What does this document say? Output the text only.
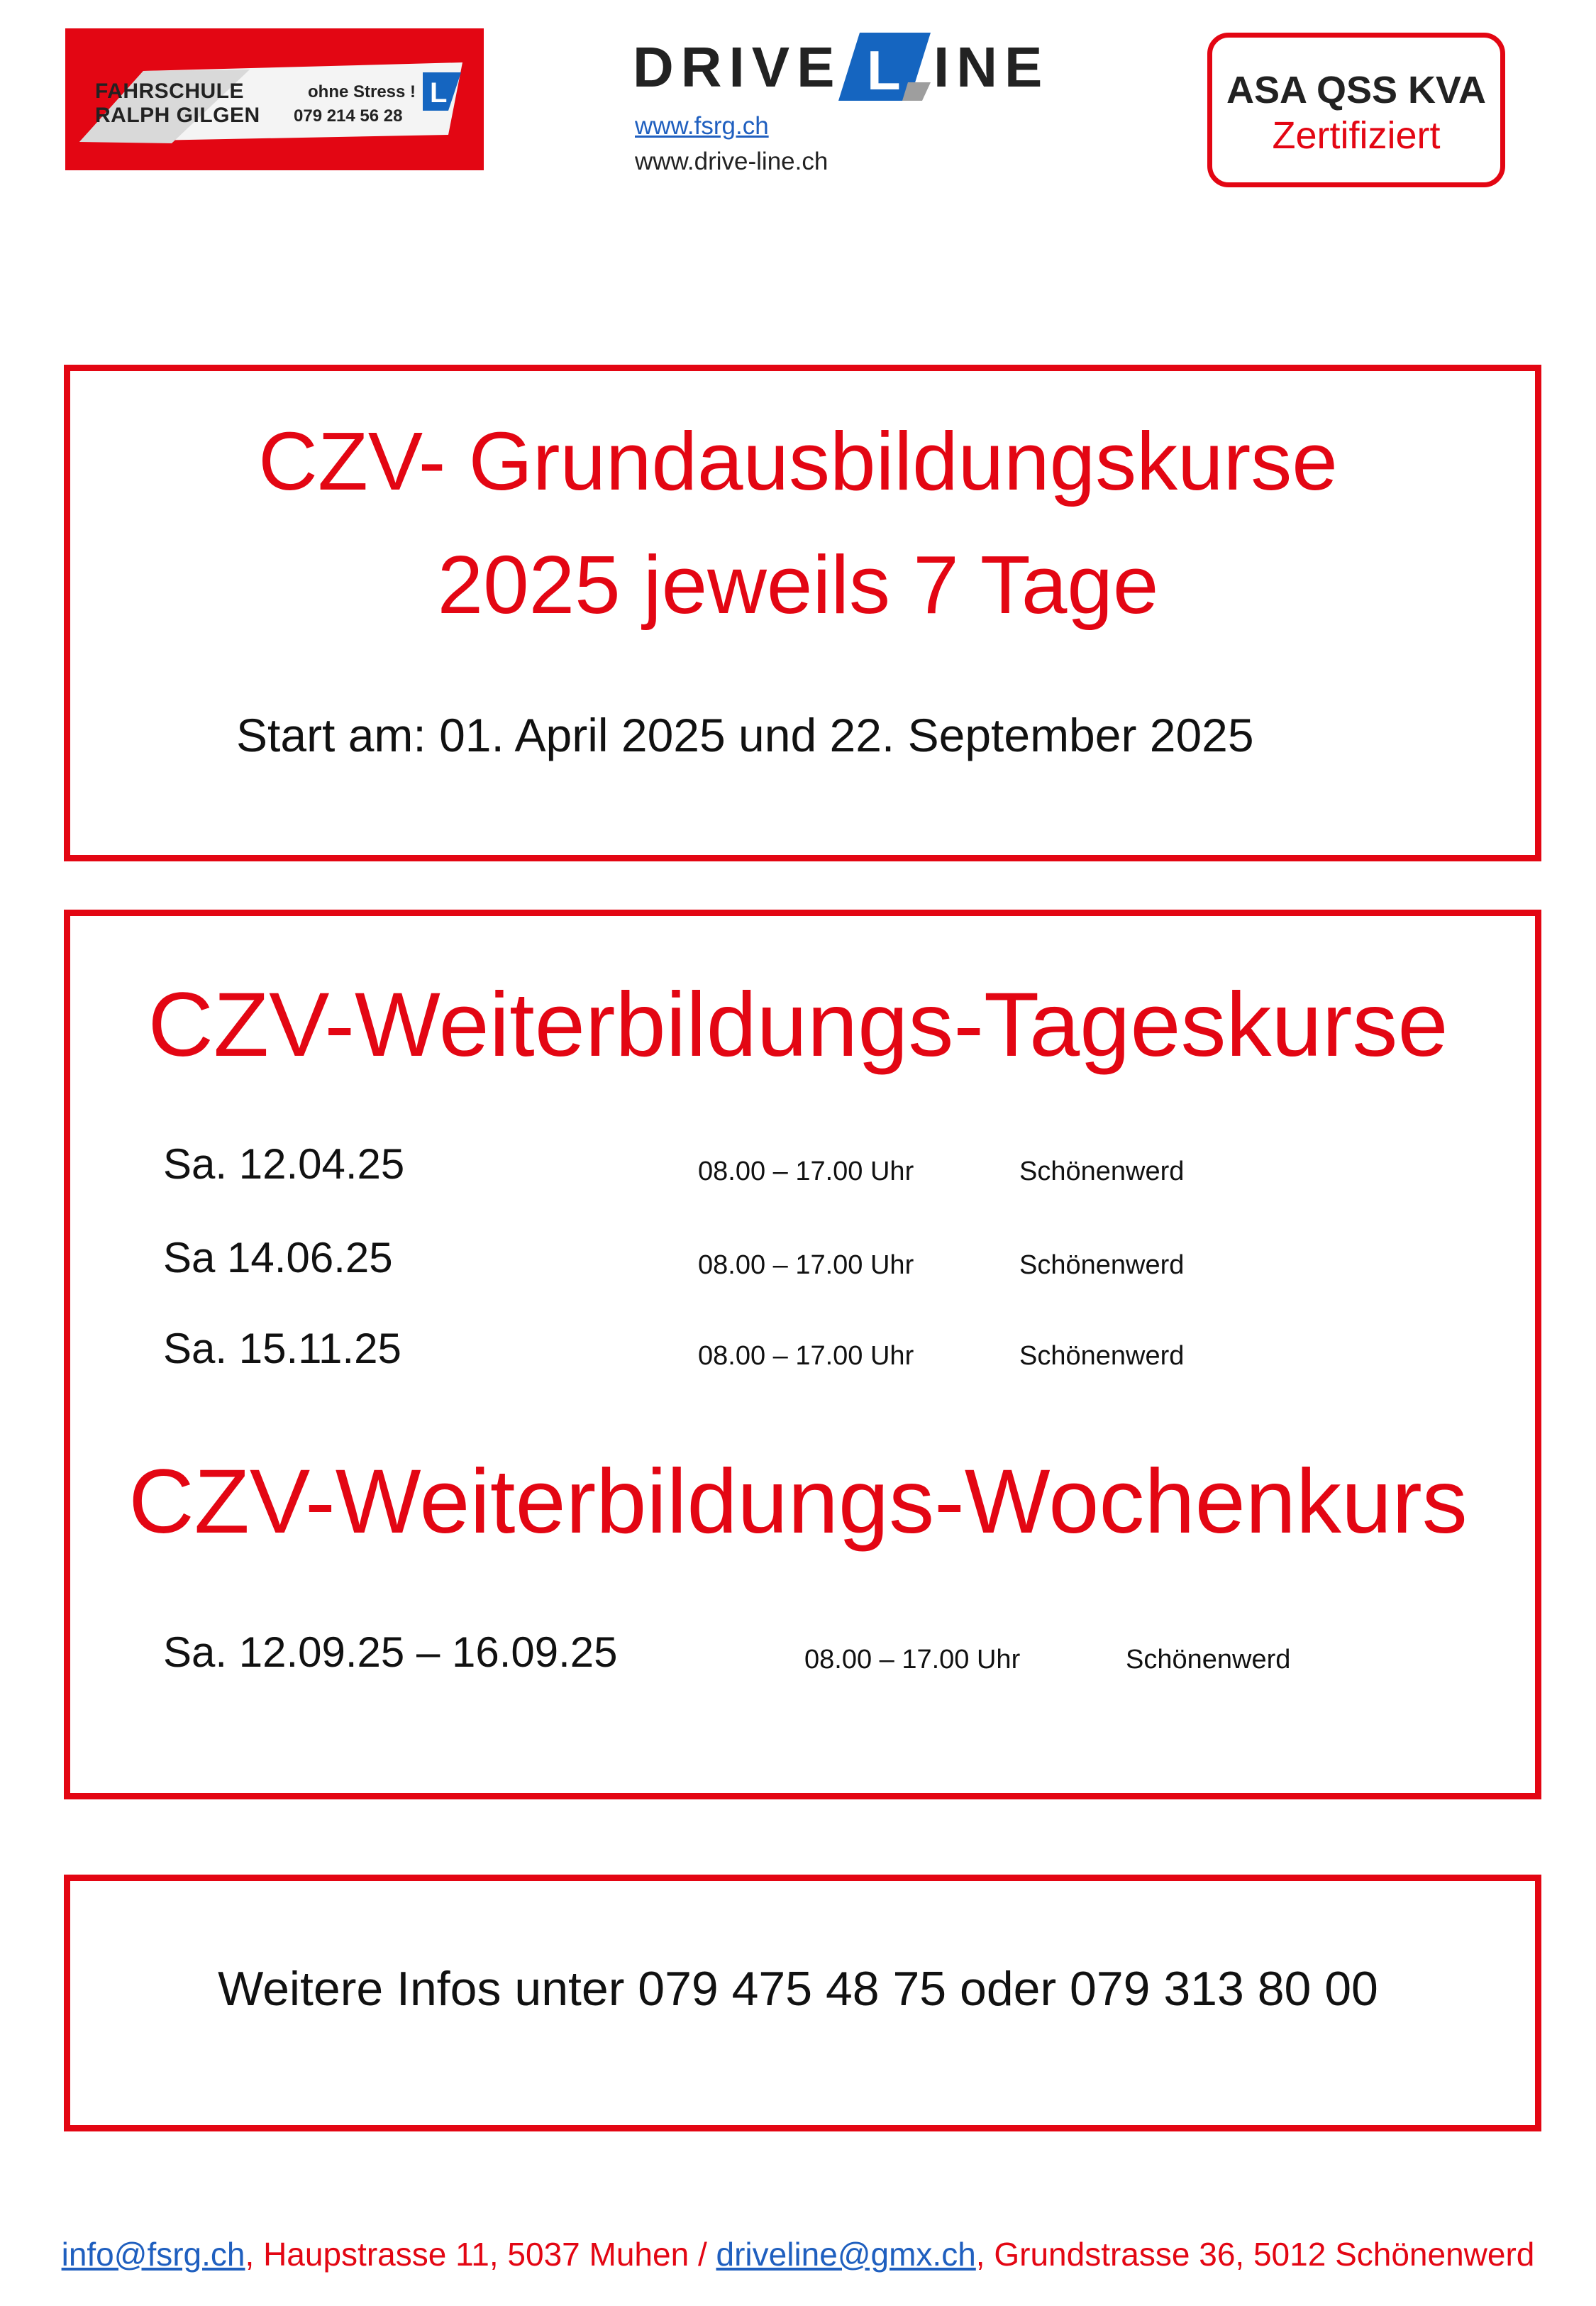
FAHRSCHULE
RALPH GILGEN
ohne Stress !
079 214 56 28
L	DRIVE L INE
www.fsrg.ch
www.drive-line.ch
ASA QSS KVA
Zertifiziert
CZV- Grundausbildungskurse
2025 jeweils 7 Tage
Start am: 01. April 2025 und 22. September 2025
CZV-Weiterbildungs-Tageskurse
Sa. 12.04.25	08.00 – 17.00 Uhr	Schönenwerd
Sa 14.06.25	08.00 – 17.00 Uhr	Schönenwerd
Sa. 15.11.25	08.00 – 17.00 Uhr	Schönenwerd
CZV-Weiterbildungs-Wochenkurs
Sa. 12.09.25 – 16.09.25	08.00 – 17.00 Uhr	Schönenwerd
Weitere Infos unter 079 475 48 75 oder 079 313 80 00
info@fsrg.ch, Haupstrasse 11, 5037 Muhen / driveline@gmx.ch, Grundstrasse 36, 5012 Schönenwerd
